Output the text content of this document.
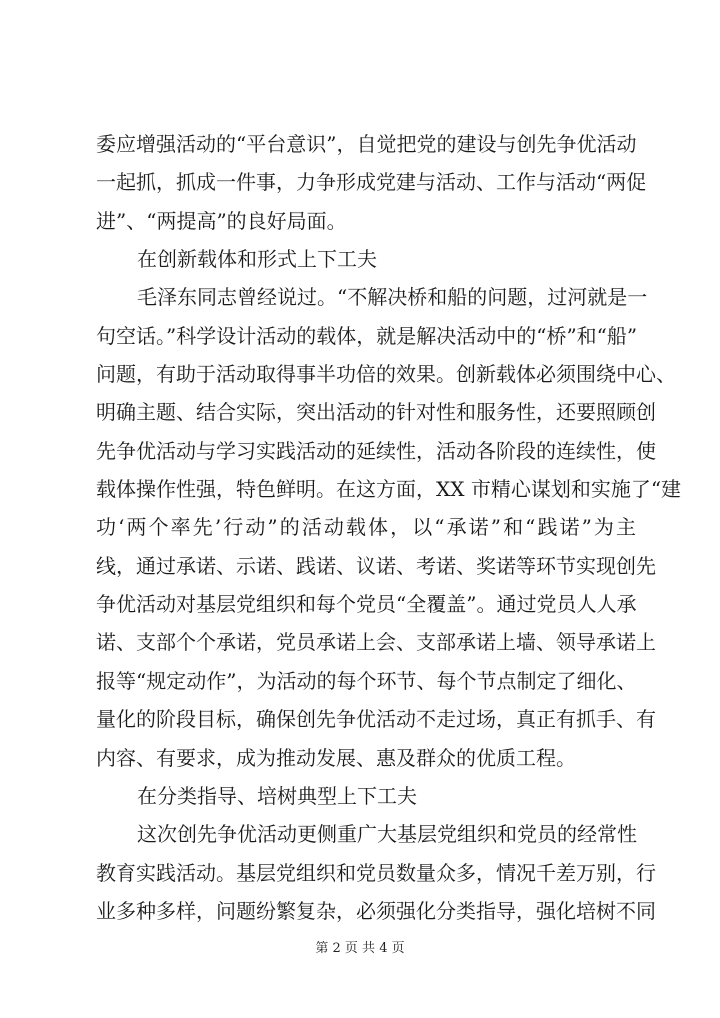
委应增强活动的“平台意识”，自觉把党的建设与创先争优活动
一起抓，抓成一件事，力争形成党建与活动、工作与活动“两促
进”、“两提高”的良好局面。
在创新载体和形式上下工夫
毛泽东同志曾经说过。“不解决桥和船的问题，过河就是一
句空话。”科学设计活动的载体，就是解决活动中的“桥”和“船”
问题，有助于活动取得事半功倍的效果。创新载体必须围绕中心、
明确主题、结合实际，突出活动的针对性和服务性，还要照顾创
先争优活动与学习实践活动的延续性，活动各阶段的连续性，使
载体操作性强，特色鲜明。在这方面，XX 市精心谋划和实施了“建
功‘两个率先’行动”的活动载体，以“承诺”和“践诺”为主
线，通过承诺、示诺、践诺、议诺、考诺、奖诺等环节实现创先
争优活动对基层党组织和每个党员“全覆盖”。通过党员人人承
诺、支部个个承诺，党员承诺上会、支部承诺上墙、领导承诺上
报等“规定动作”，为活动的每个环节、每个节点制定了细化、
量化的阶段目标，确保创先争优活动不走过场，真正有抓手、有
内容、有要求，成为推动发展、惠及群众的优质工程。
在分类指导、培树典型上下工夫
这次创先争优活动更侧重广大基层党组织和党员的经常性
教育实践活动。基层党组织和党员数量众多，情况千差万别，行
业多种多样，问题纷繁复杂，必须强化分类指导，强化培树不同
第 2 页 共 4 页
